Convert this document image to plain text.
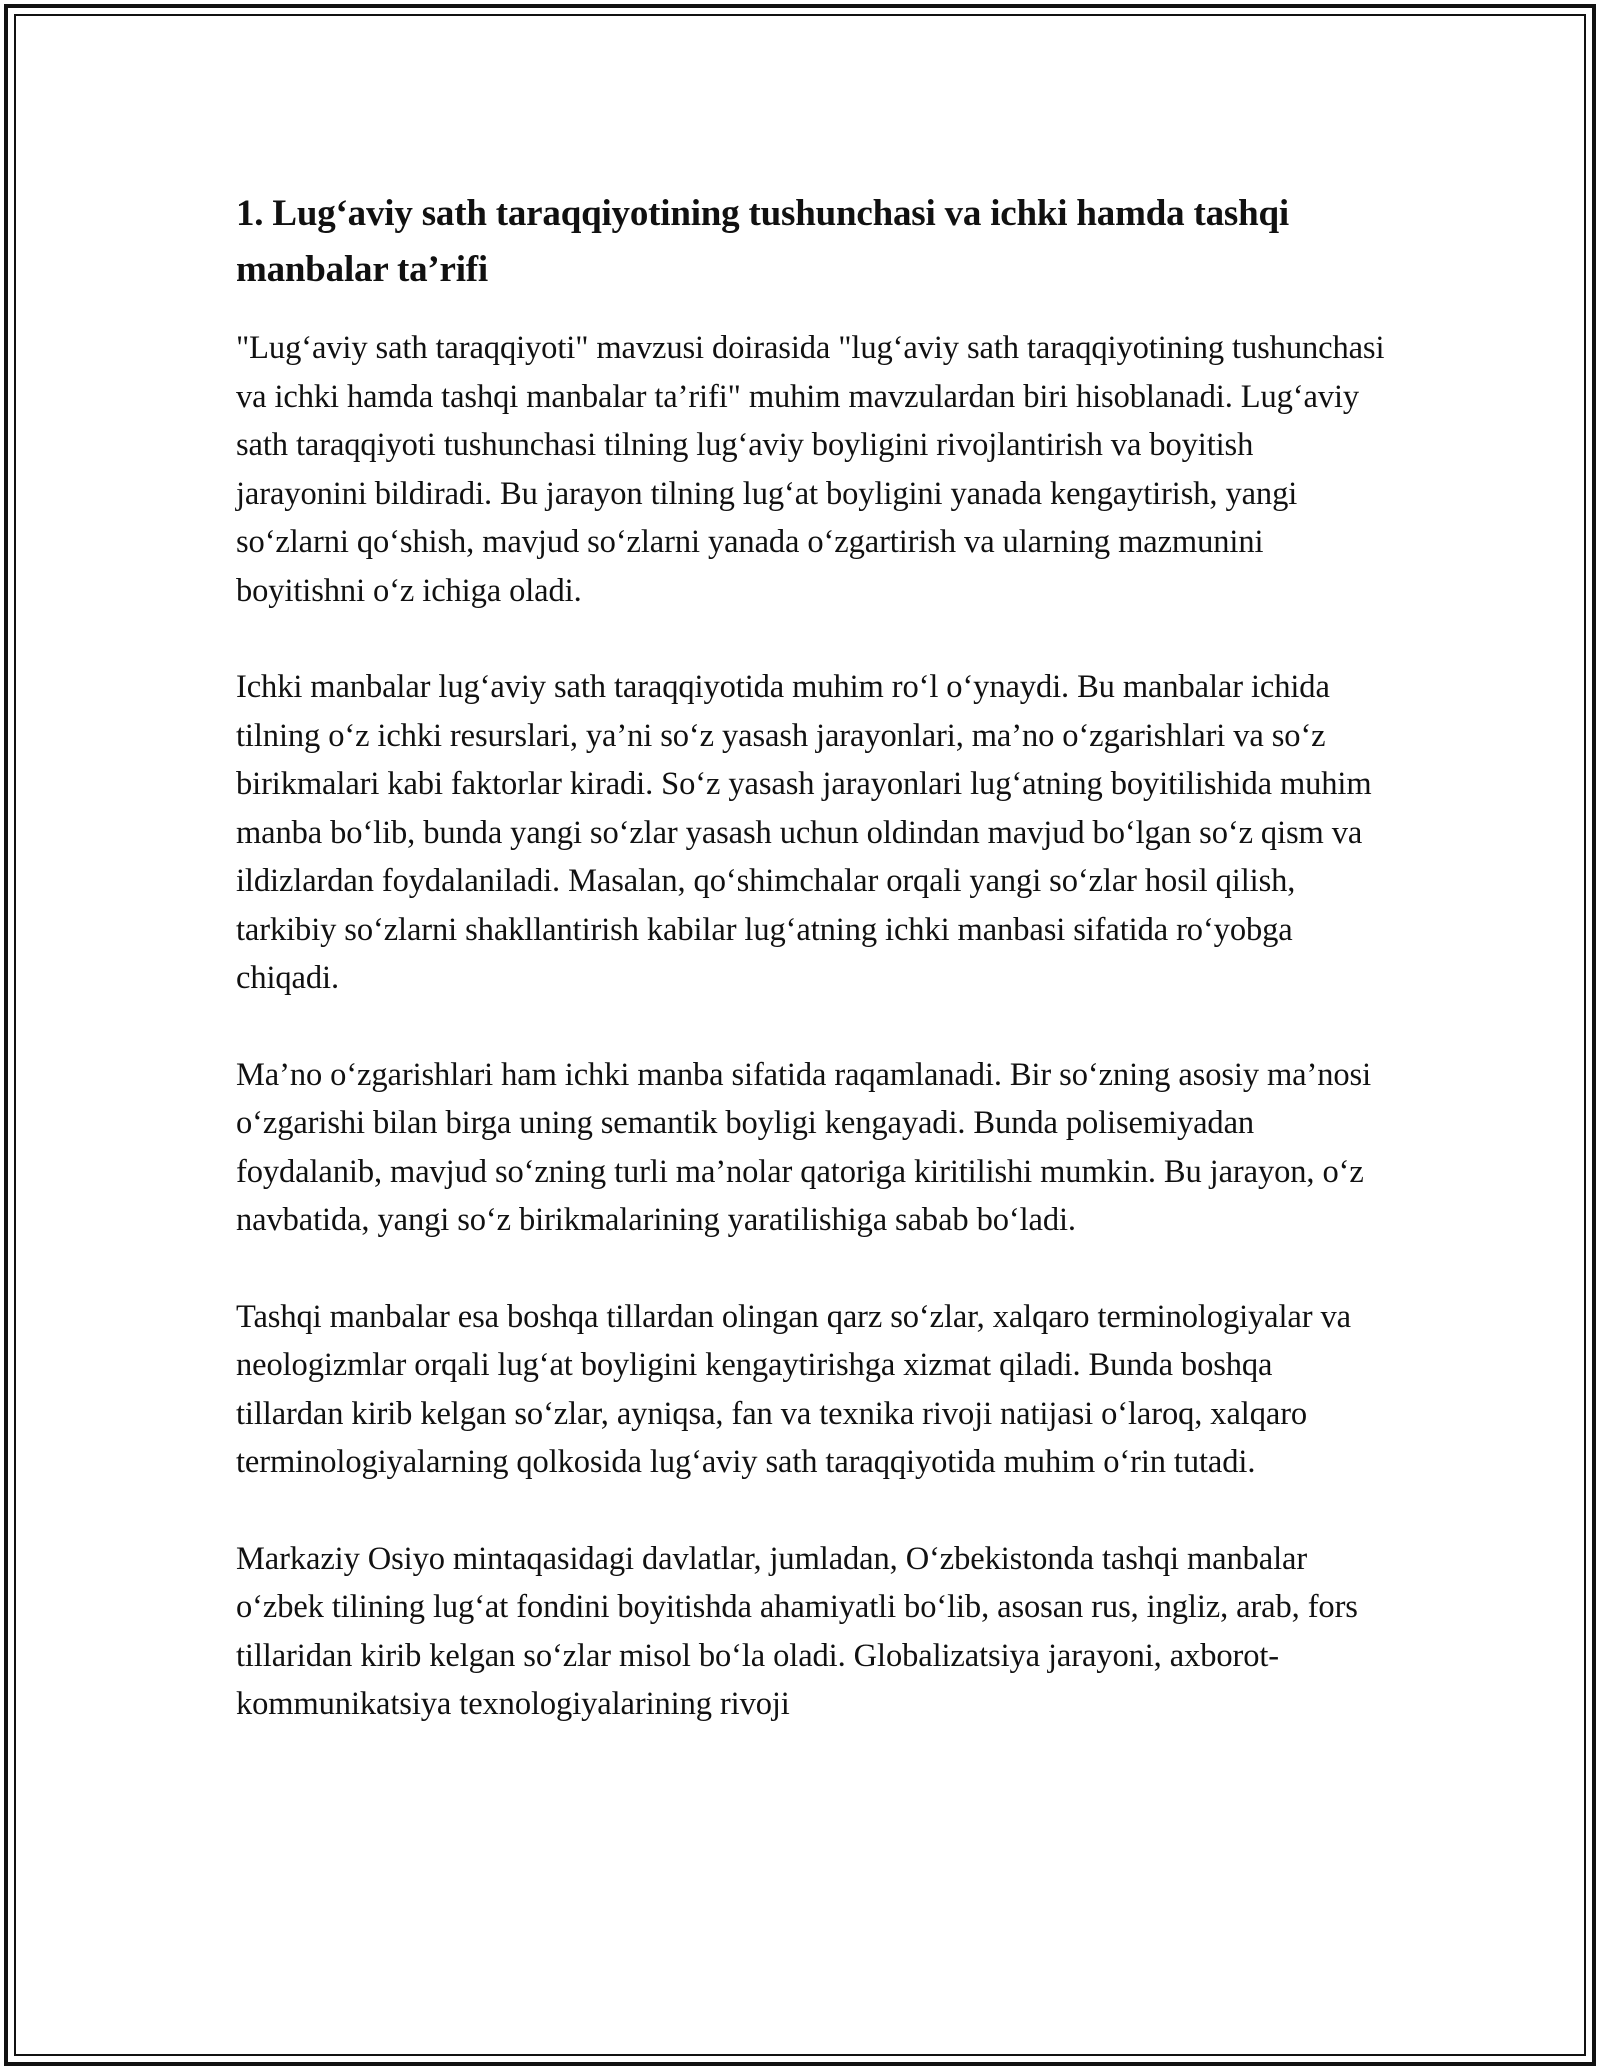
1. Lug‘aviy sath taraqqiyotining tushunchasi va ichki hamda tashqi manbalar ta’rifi

"Lug‘aviy sath taraqqiyoti" mavzusi doirasida "lug‘aviy sath taraqqiyotining tushunchasi va ichki hamda tashqi manbalar ta’rifi" muhim mavzulardan biri hisoblanadi. Lug‘aviy sath taraqqiyoti tushunchasi tilning lug‘aviy boyligini rivojlantirish va boyitish jarayonini bildiradi. Bu jarayon tilning lug‘at boyligini yanada kengaytirish, yangi so‘zlarni qo‘shish, mavjud so‘zlarni yanada o‘zgartirish va ularning mazmunini boyitishni o‘z ichiga oladi.

Ichki manbalar lug‘aviy sath taraqqiyotida muhim ro‘l o‘ynaydi. Bu manbalar ichida tilning o‘z ichki resurslari, ya’ni so‘z yasash jarayonlari, ma’no o‘zgarishlari va so‘z birikmalari kabi faktorlar kiradi. So‘z yasash jarayonlari lug‘atning boyitilishida muhim manba bo‘lib, bunda yangi so‘zlar yasash uchun oldindan mavjud bo‘lgan so‘z qism va ildizlardan foydalaniladi. Masalan, qo‘shimchalar orqali yangi so‘zlar hosil qilish, tarkibiy so‘zlarni shakllantirish kabilar lug‘atning ichki manbasi sifatida ro‘yobga chiqadi.

Ma’no o‘zgarishlari ham ichki manba sifatida raqamlanadi. Bir so‘zning asosiy ma’nosi o‘zgarishi bilan birga uning semantik boyligi kengayadi. Bunda polisemiyadan foydalanib, mavjud so‘zning turli ma’nolar qatoriga kiritilishi mumkin. Bu jarayon, o‘z navbatida, yangi so‘z birikmalarining yaratilishiga sabab bo‘ladi.

Tashqi manbalar esa boshqa tillardan olingan qarz so‘zlar, xalqaro terminologiyalar va neologizmlar orqali lug‘at boyligini kengaytirishga xizmat qiladi. Bunda boshqa tillardan kirib kelgan so‘zlar, ayniqsa, fan va texnika rivoji natijasi o‘laroq, xalqaro terminologiyalarning qolkosida lug‘aviy sath taraqqiyotida muhim o‘rin tutadi.

Markaziy Osiyo mintaqasidagi davlatlar, jumladan, O‘zbekistonda tashqi manbalar o‘zbek tilining lug‘at fondini boyitishda ahamiyatli bo‘lib, asosan rus, ingliz, arab, fors tillaridan kirib kelgan so‘zlar misol bo‘la oladi. Globalizatsiya jarayoni, axborot-kommunikatsiya texnologiyalarining rivoji
